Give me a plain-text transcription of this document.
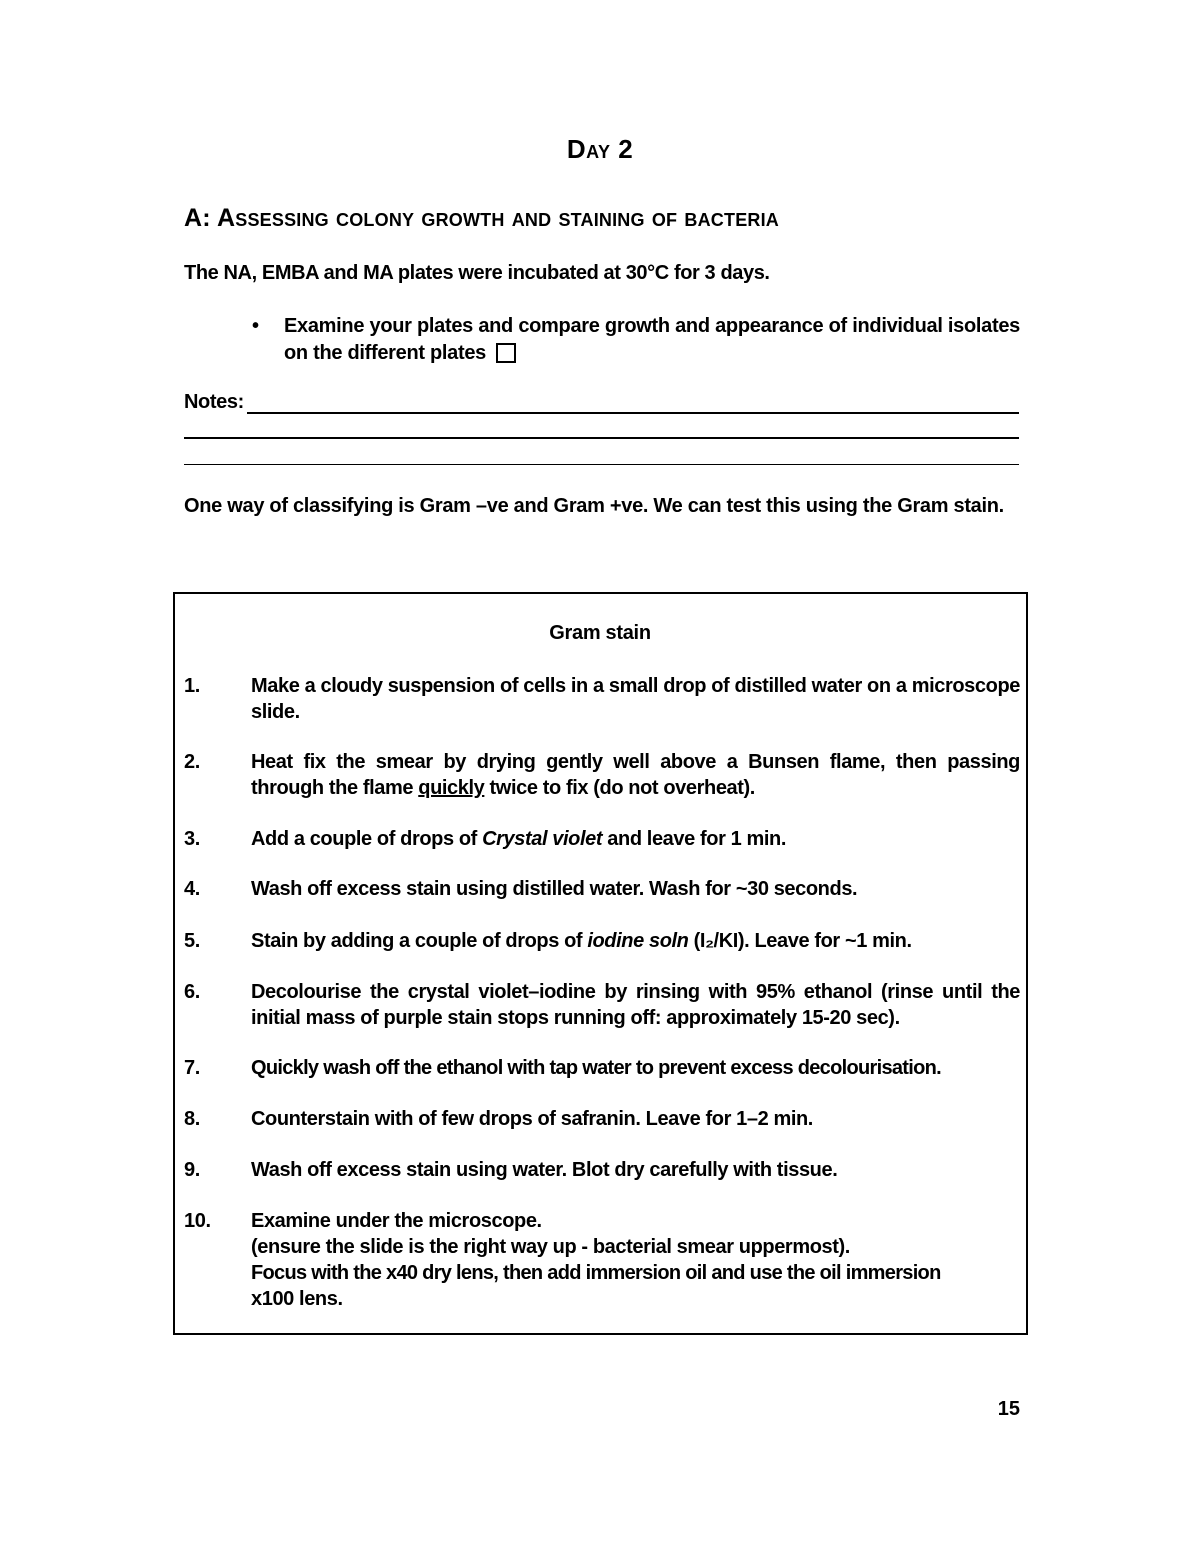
Day 2
A: Assessing colony growth and staining of bacteria
The NA, EMBA and MA plates were incubated at 30°C for 3 days.
• Examine your plates and compare growth and appearance of individual isolates on the different plates
Notes:
One way of classifying is Gram –ve and Gram +ve. We can test this using the Gram stain.
Gram stain
1.	Make a cloudy suspension of cells in a small drop of distilled water on a microscope slide.
2.	Heat fix the smear by drying gently well above a Bunsen flame, then passing through the flame quickly twice to fix (do not overheat).
3.	Add a couple of drops of Crystal violet and leave for 1 min.
4.	Wash off excess stain using distilled water. Wash for ~30 seconds.
5.	Stain by adding a couple of drops of iodine soln (I₂/KI). Leave for ~1 min.
6.	Decolourise the crystal violet–iodine by rinsing with 95% ethanol (rinse until the initial mass of purple stain stops running off: approximately 15-20 sec).
7.	Quickly wash off the ethanol with tap water to prevent excess decolourisation.
8.	Counterstain with of few drops of safranin. Leave for 1–2 min.
9.	Wash off excess stain using water. Blot dry carefully with tissue.
10. Examine under the microscope.
(ensure the slide is the right way up - bacterial smear uppermost).
Focus with the x40 dry lens, then add immersion oil and use the oil immersion
x100 lens.
15
